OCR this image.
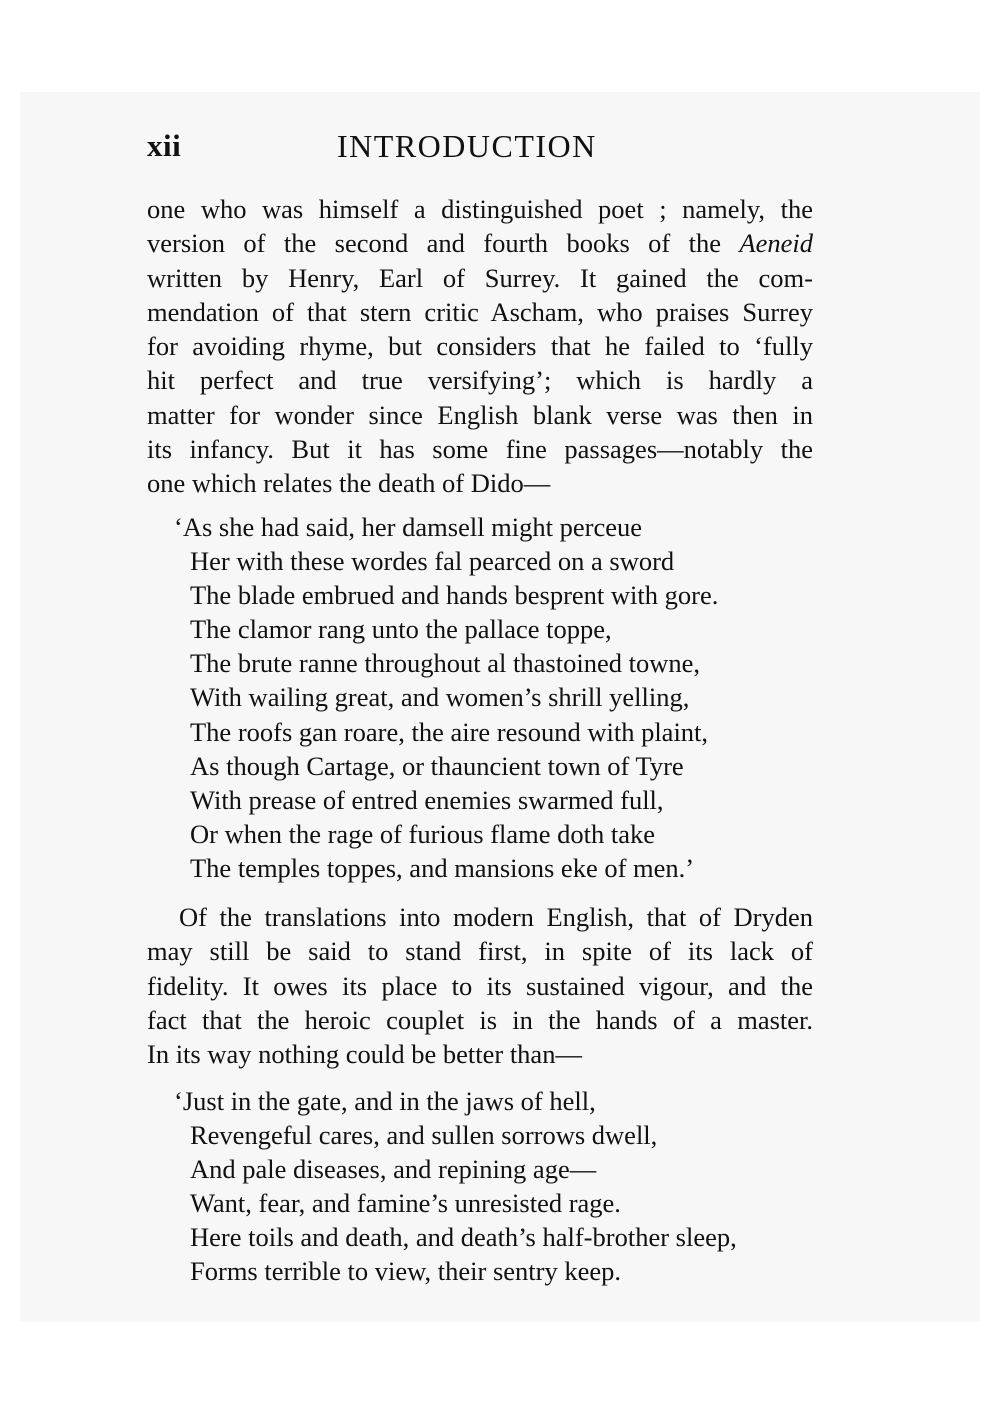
xii	INTRODUCTION
one who was himself a distinguished poet ; namely, the
version of the second and fourth books of the Aeneid
written by Henry, Earl of Surrey. It gained the com-
mendation of that stern critic Ascham, who praises Surrey
for avoiding rhyme, but considers that he failed to ‘fully
hit perfect and true versifying’; which is hardly a
matter for wonder since English blank verse was then in
its infancy. But it has some fine passages—notably the
one which relates the death of Dido—
‘As she had said, her damsell might perceue
Her with these wordes fal pearced on a sword
The blade embrued and hands besprent with gore.
The clamor rang unto the pallace toppe,
The brute ranne throughout al thastoined towne,
With wailing great, and women’s shrill yelling,
The roofs gan roare, the aire resound with plaint,
As though Cartage, or thauncient town of Tyre
With prease of entred enemies swarmed full,
Or when the rage of furious flame doth take
The temples toppes, and mansions eke of men.’
Of the translations into modern English, that of Dryden
may still be said to stand first, in spite of its lack of
fidelity. It owes its place to its sustained vigour, and the
fact that the heroic couplet is in the hands of a master.
In its way nothing could be better than—
‘Just in the gate, and in the jaws of hell,
Revengeful cares, and sullen sorrows dwell,
And pale diseases, and repining age—
Want, fear, and famine’s unresisted rage.
Here toils and death, and death’s half-brother sleep,
Forms terrible to view, their sentry keep.
